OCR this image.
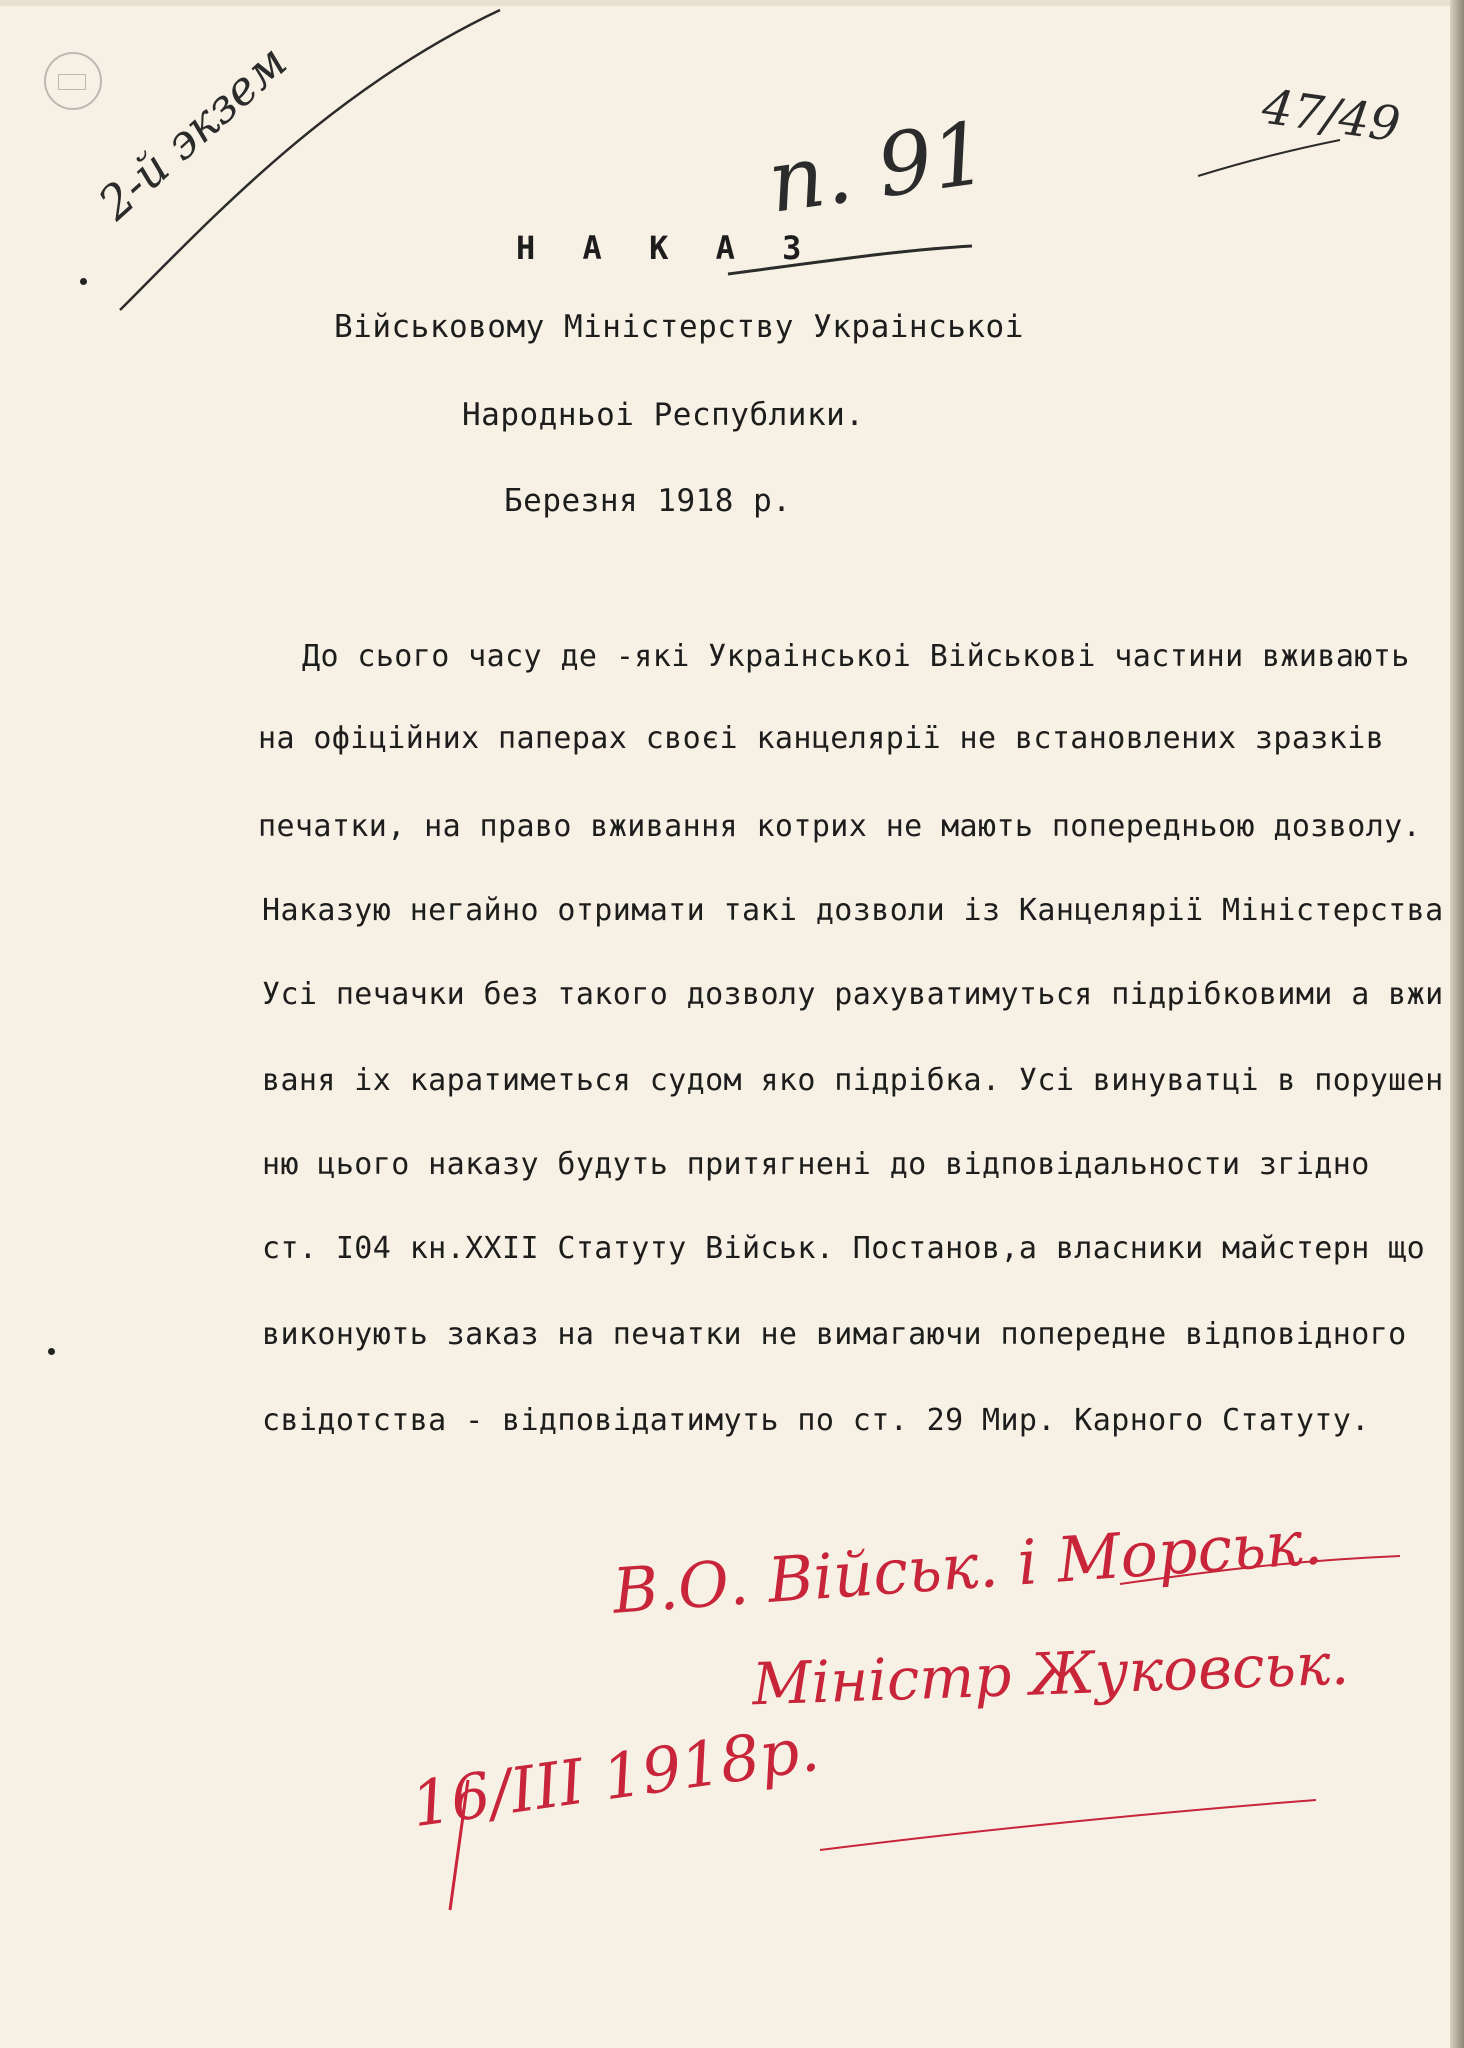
2-й экзем	п. 91	47/49
Н А К А З
Військовому Міністерству Украінськоі
Народньоі Республики.
Березня 1918 р.
До сього часу де -які Украінськоі Військові частини вживають
на офіційних паперах своєі канцелярії не встановлених зразків
печатки, на право вживання котрих не мають попередньою дозволу.
Наказую негайно отримати такі дозволи із Канцелярії Міністерства
Усі печачки без такого дозволу рахуватимуться підрібковими а вжи
ваня іх каратиметься судом яко підрібка. Усі винуватці в порушен
ню цього наказу будуть притягнені до відповідальности згідно
ст. I04 кн.XXII Статуту Військ. Постанов,а власники майстерн що
виконують заказ на печатки не вимагаючи попередне відповідного
свідотства - відповідатимуть по ст. 29 Мир. Карного Статуту.
В.О. Військ. і Морськ.
Міністр Жуковськ.
16/III 1918р.
